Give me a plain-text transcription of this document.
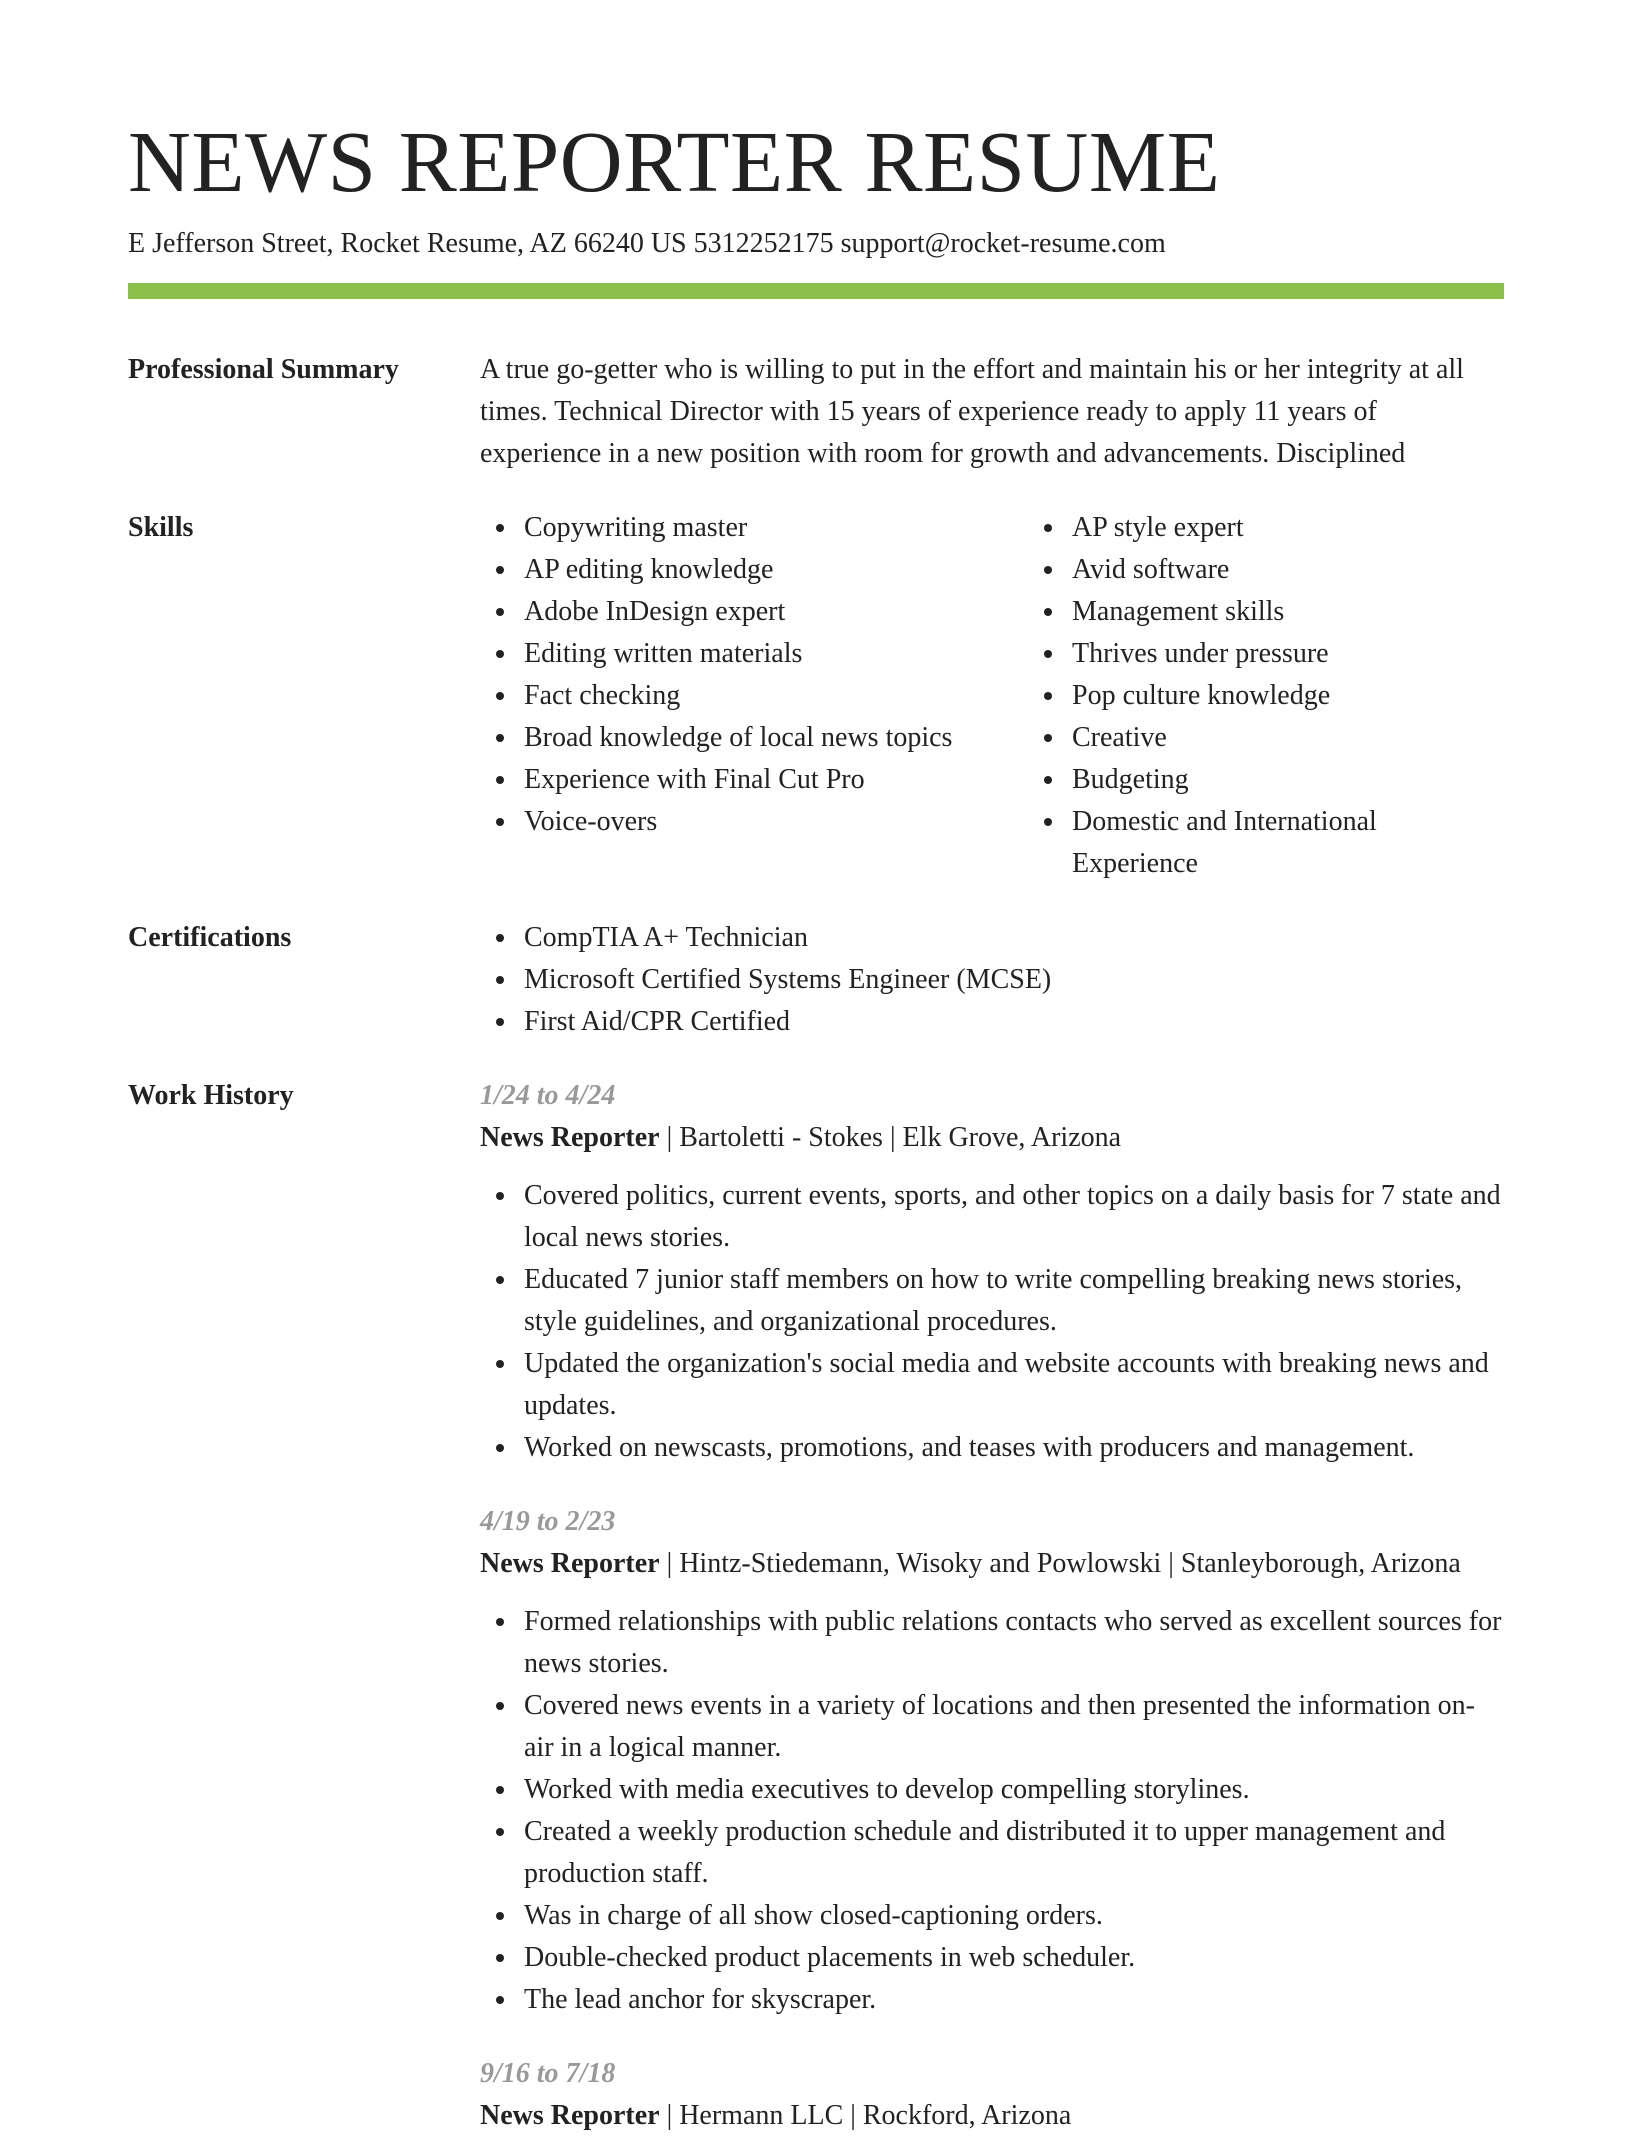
NEWS REPORTER RESUME
E Jefferson Street, Rocket Resume, AZ 66240 US 5312252175 support@rocket-resume.com
Professional Summary	A true go-getter who is willing to put in the effort and maintain his or her integrity at all times. Technical Director with 15 years of experience ready to apply 11 years of experience in a new position with room for growth and advancements. Disciplined
Skills	Copywriting master
AP editing knowledge
Adobe InDesign expert
Editing written materials
Fact checking
Broad knowledge of local news topics
Experience with Final Cut Pro
Voice-overs
AP style expert
Avid software
Management skills
Thrives under pressure
Pop culture knowledge
Creative
Budgeting
Domestic and International Experience
Certifications	CompTIA A+ Technician
Microsoft Certified Systems Engineer (MCSE)
First Aid/CPR Certified
Work History	1/24 to 4/24
News Reporter | Bartoletti - Stokes | Elk Grove, Arizona
Covered politics, current events, sports, and other topics on a daily basis for 7 state and local news stories.
Educated 7 junior staff members on how to write compelling breaking news stories, style guidelines, and organizational procedures.
Updated the organization's social media and website accounts with breaking news and updates.
Worked on newscasts, promotions, and teases with producers and management.
4/19 to 2/23
News Reporter | Hintz-Stiedemann, Wisoky and Powlowski | Stanleyborough, Arizona
Formed relationships with public relations contacts who served as excellent sources for news stories.
Covered news events in a variety of locations and then presented the information on-air in a logical manner.
Worked with media executives to develop compelling storylines.
Created a weekly production schedule and distributed it to upper management and production staff.
Was in charge of all show closed-captioning orders.
Double-checked product placements in web scheduler.
The lead anchor for skyscraper.
9/16 to 7/18
News Reporter | Hermann LLC | Rockford, Arizona
